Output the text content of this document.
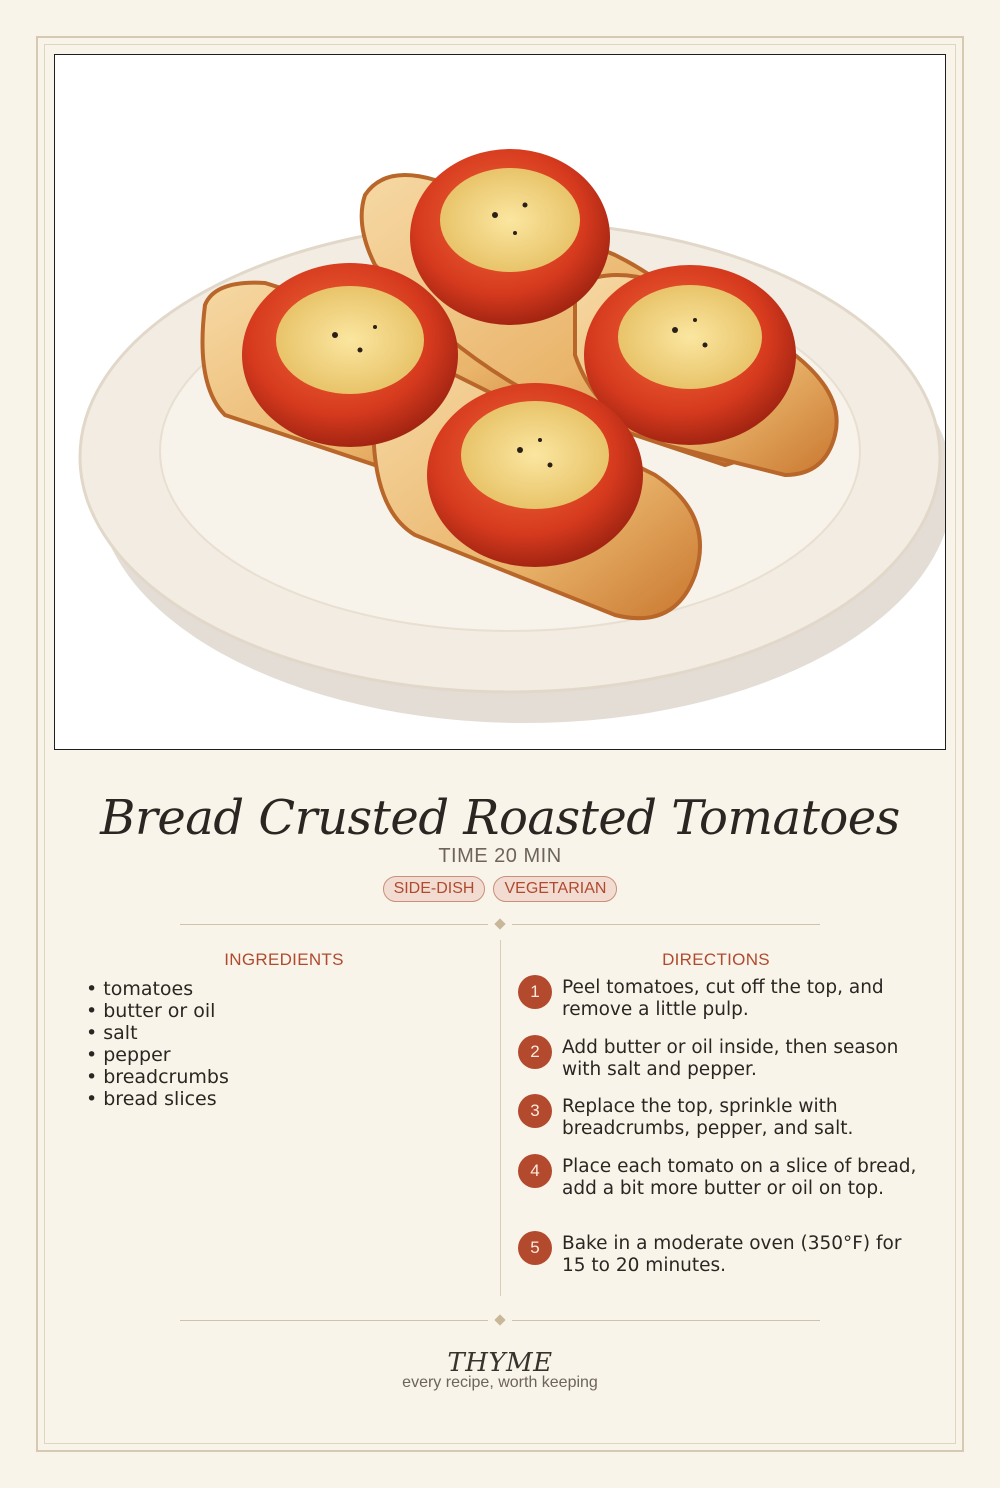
Bread Crusted Roasted Tomatoes
TIME 20 MIN
SIDE-DISH	VEGETARIAN
INGREDIENTS
• tomatoes
• butter or oil
• salt
• pepper
• breadcrumbs
• bread slices
DIRECTIONS
1	Peel tomatoes, cut off the top, and remove a little pulp.
2	Add butter or oil inside, then season with salt and pepper.
3	Replace the top, sprinkle with breadcrumbs, pepper, and salt.
4	Place each tomato on a slice of bread, add a bit more butter or oil on top.
5	Bake in a moderate oven (350°F) for 15 to 20 minutes.
THYME
every recipe, worth keeping
